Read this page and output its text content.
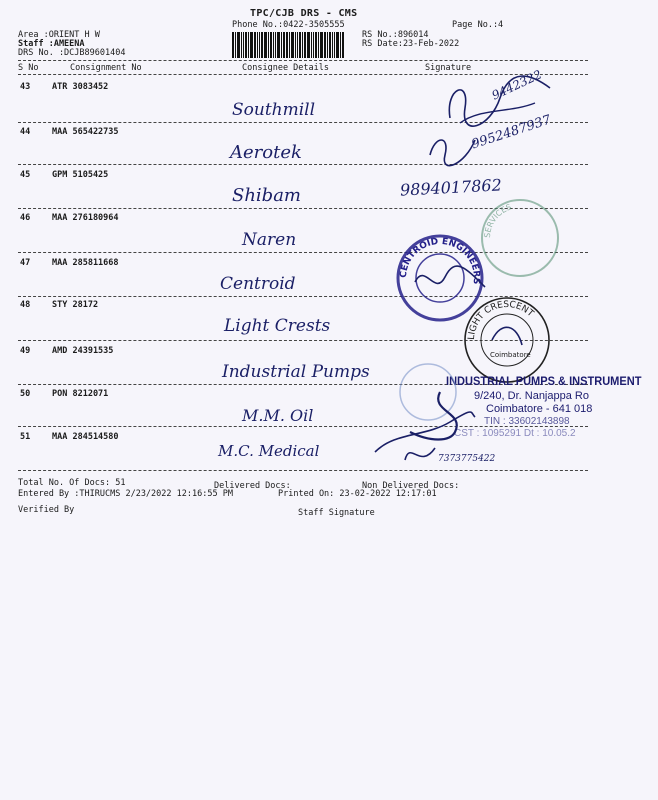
TPC/CJB DRS - CMS
Phone No.:0422-3505555	Page No.:4
Area :ORIENT H W
Staff :AMEENA
DRS No. :DCJB89601404
RS No.:896014
RS Date:23-Feb-2022
S No	Consignment No	Consignee Details	Signature
43	ATR 3083452
Southmill
44	MAA 565422735
Aerotek
45	GPM 5105425
Shibam
46	MAA 276180964
Naren
47	MAA 285811668
Centroid
48	STY 28172
Light Crests
49	AMD 24391535
Industrial Pumps
50	PON 8212071
M.M. Oil
51	MAA 284514580
M.C. Medical
9442322
9952487937
9894017862
CENTROID ENGINEERS
SERVICES
LIGHT CRESCENT
Coimbatore
INDUSTRIAL PUMPS & INSTRUMENT
9/240, Dr. Nanjappa Ro
Coimbatore - 641 018
TIN : 33602143898
CST : 1095291 Dt : 10.05.2
7373775422
Total No. Of Docs: 51	Delivered Docs:	Non Delivered Docs:
Entered By :THIRUCMS 2/23/2022 12:16:55 PM	Printed On: 23-02-2022 12:17:01
Verified By	Staff Signature
